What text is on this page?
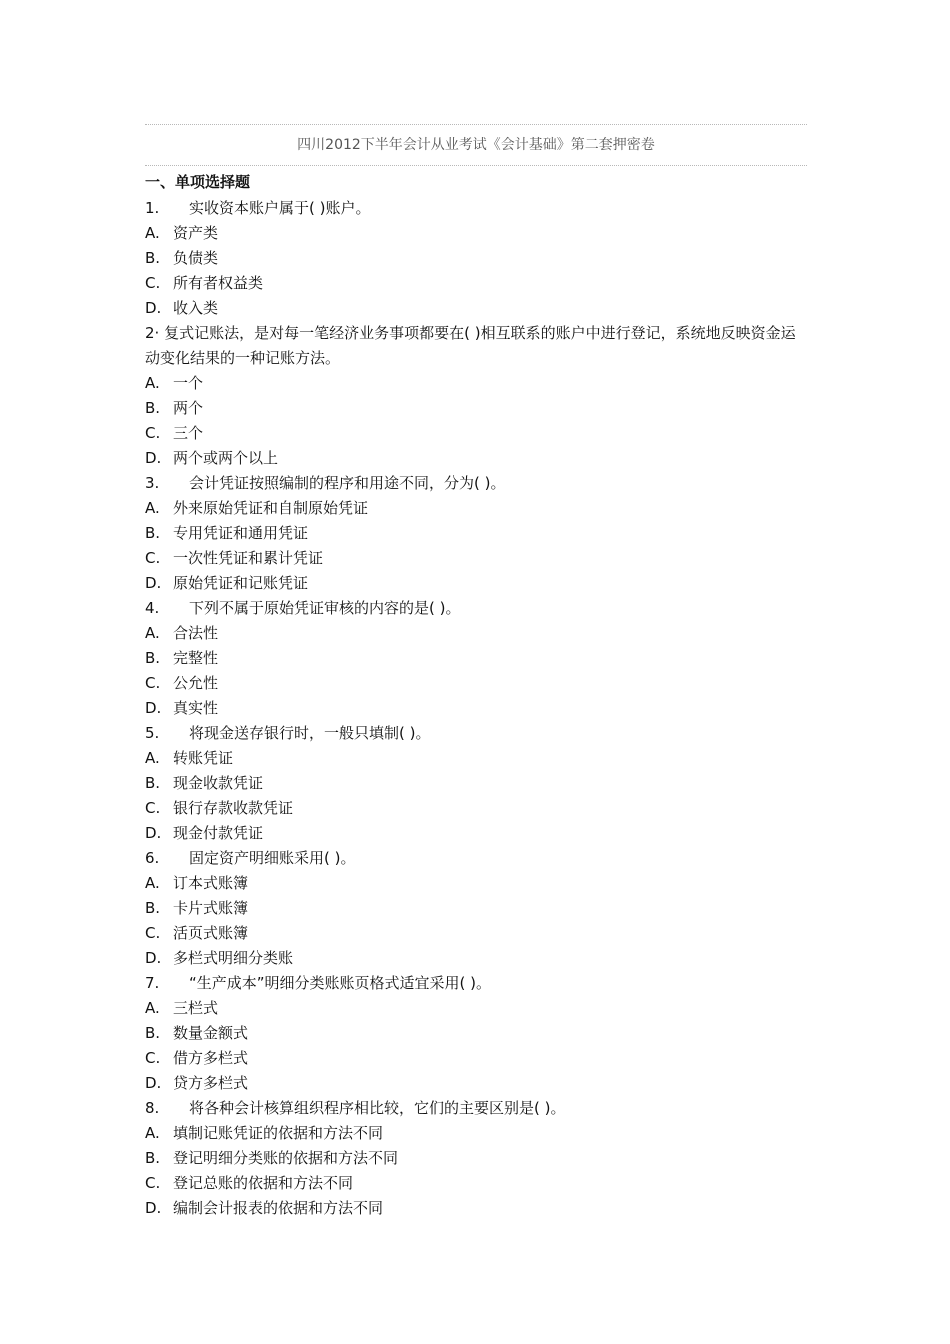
四川2012下半年会计从业考试《会计基础》第二套押密卷
一、单项选择题
1. 实收资本账户属于( )账户。
A. 资产类
B. 负债类
C. 所有者权益类
D. 收入类
2· 复式记账法，是对每一笔经济业务事项都要在( )相互联系的账户中进行登记，系统地反映资金运动变化结果的一种记账方法。
A. 一个
B. 两个
C. 三个
D. 两个或两个以上
3. 会计凭证按照编制的程序和用途不同，分为( )。
A. 外来原始凭证和自制原始凭证
B. 专用凭证和通用凭证
C. 一次性凭证和累计凭证
D. 原始凭证和记账凭证
4. 下列不属于原始凭证审核的内容的是( )。
A. 合法性
B. 完整性
C. 公允性
D. 真实性
5. 将现金送存银行时，一般只填制( )。
A. 转账凭证
B. 现金收款凭证
C. 银行存款收款凭证
D. 现金付款凭证
6. 固定资产明细账采用( )。
A. 订本式账簿
B. 卡片式账簿
C. 活页式账簿
D. 多栏式明细分类账
7. “生产成本”明细分类账账页格式适宜采用( )。
A. 三栏式
B. 数量金额式
C. 借方多栏式
D. 贷方多栏式
8. 将各种会计核算组织程序相比较，它们的主要区别是( )。
A. 填制记账凭证的依据和方法不同
B. 登记明细分类账的依据和方法不同
C. 登记总账的依据和方法不同
D. 编制会计报表的依据和方法不同
